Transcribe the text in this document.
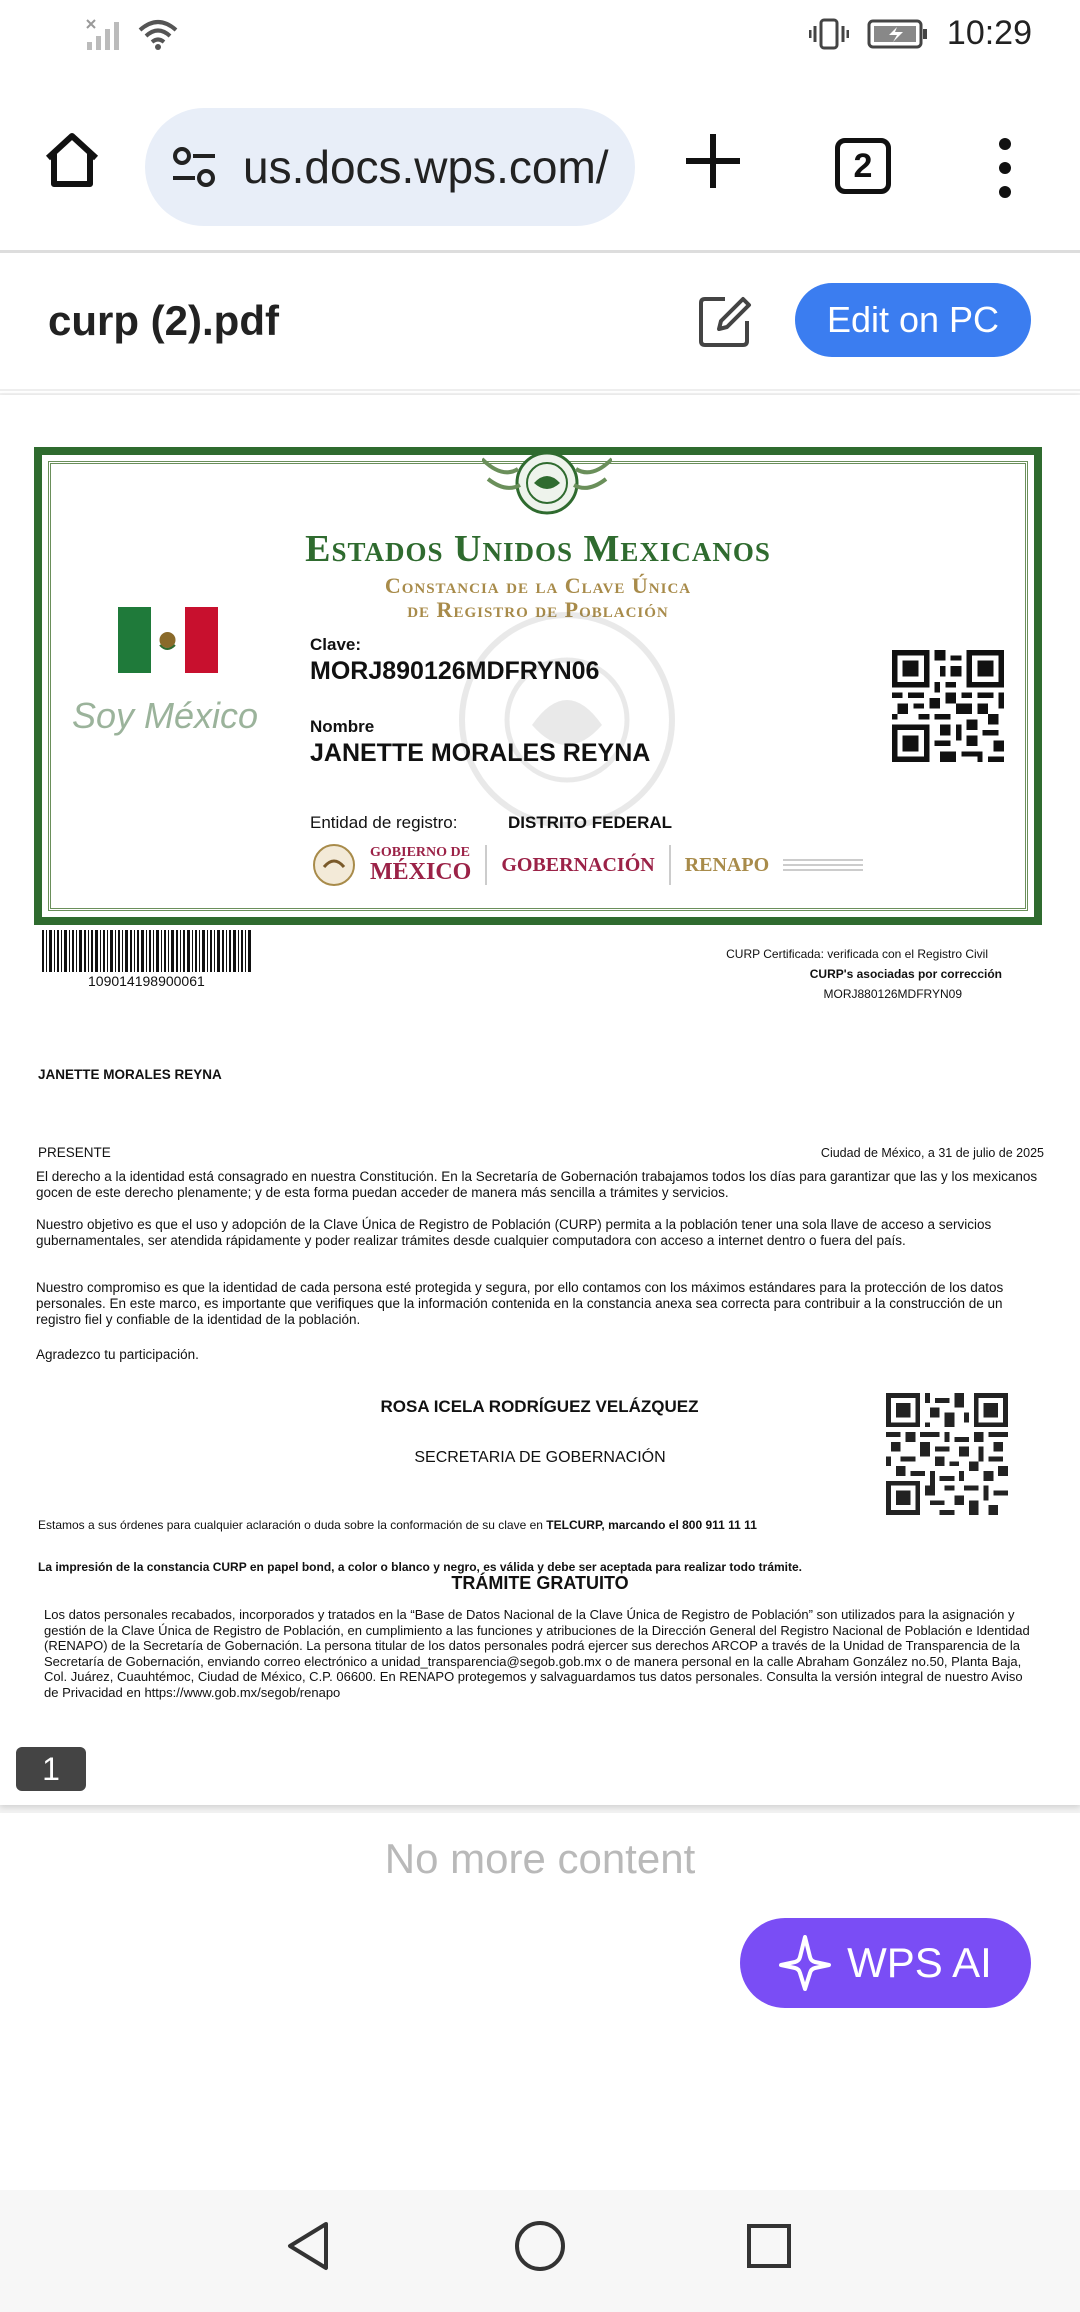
10:29
us.docs.wps.com/	2
curp (2).pdf	Edit on PC
Estados Unidos Mexicanos
Constancia de la Clave Única
de Registro de Población
Soy México
Clave:
MORJ890126MDFRYN06
Nombre
JANETTE MORALES REYNA
Entidad de registro:	DISTRITO FEDERAL
GOBIERNO DE
MÉXICO GOBERNACIÓN RENAPO
109014198900061
CURP Certificada: verificada con el Registro Civil
CURP's asociadas por corrección
MORJ880126MDFRYN09
JANETTE MORALES REYNA
PRESENTE	Ciudad de México, a 31 de julio de 2025

El derecho a la identidad está consagrado en nuestra Constitución. En la Secretaría de Gobernación trabajamos todos los días para garantizar que las y los mexicanos gocen de este derecho plenamente; y de esta forma puedan acceder de manera más sencilla a trámites y servicios.

Nuestro objetivo es que el uso y adopción de la Clave Única de Registro de Población (CURP) permita a la población tener una sola llave de acceso a servicios gubernamentales, ser atendida rápidamente y poder realizar trámites desde cualquier computadora con acceso a internet dentro o fuera del país.

Nuestro compromiso es que la identidad de cada persona esté protegida y segura, por ello contamos con los máximos estándares para la protección de los datos personales. En este marco, es importante que verifiques que la información contenida en la constancia anexa sea correcta para contribuir a la construcción de un registro fiel y confiable de la identidad de la población.

Agradezco tu participación.
ROSA ICELA RODRÍGUEZ VELÁZQUEZ
SECRETARIA DE GOBERNACIÓN
Estamos a sus órdenes para cualquier aclaración o duda sobre la conformación de su clave en TELCURP, marcando el 800 911 11 11
La impresión de la constancia CURP en papel bond, a color o blanco y negro, es válida y debe ser aceptada para realizar todo trámite.
TRÁMITE GRATUITO

Los datos personales recabados, incorporados y tratados en la “Base de Datos Nacional de la Clave Única de Registro de Población” son utilizados para la asignación y gestión de la Clave Única de Registro de Población, en cumplimiento a las funciones y atribuciones de la Dirección General del Registro Nacional de Población e Identidad (RENAPO) de la Secretaría de Gobernación. La persona titular de los datos personales podrá ejercer sus derechos ARCOP a través de la Unidad de Transparencia de la Secretaría de Gobernación, enviando correo electrónico a unidad_transparencia@segob.gob.mx o de manera personal en la calle Abraham González no.50, Planta Baja, Col. Juárez, Cuauhtémoc, Ciudad de México, C.P. 06600. En RENAPO protegemos y salvaguardamos tus datos personales. Consulta la versión integral de nuestro Aviso de Privacidad en https://www.gob.mx/segob/renapo

1
No more content
WPS AI
